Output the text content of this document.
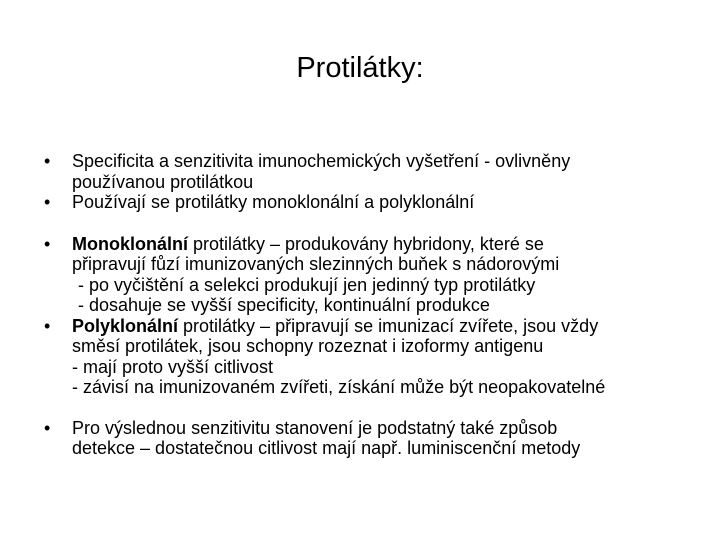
Protilátky:
• Specificita a senzitivita imunochemických vyšetření - ovlivněny
používanou protilátkou
• Používají se protilátky monoklonální a polyklonální
• Monoklonální protilátky – produkovány hybridony, které se
připravují fůzí imunizovaných slezinných buňek s nádorovými
- po vyčištění a selekci produkují jen jedinný typ protilátky
- dosahuje se vyšší specificity, kontinuální produkce
• Polyklonální protilátky – připravují se imunizací zvířete, jsou vždy
směsí protilátek, jsou schopny rozeznat i izoformy antigenu
- mají proto vyšší citlivost
- závisí na imunizovaném zvířeti, získání může být neopakovatelné
• Pro výslednou senzitivitu stanovení je podstatný také způsob
detekce – dostatečnou citlivost mají např. luminiscenční metody
